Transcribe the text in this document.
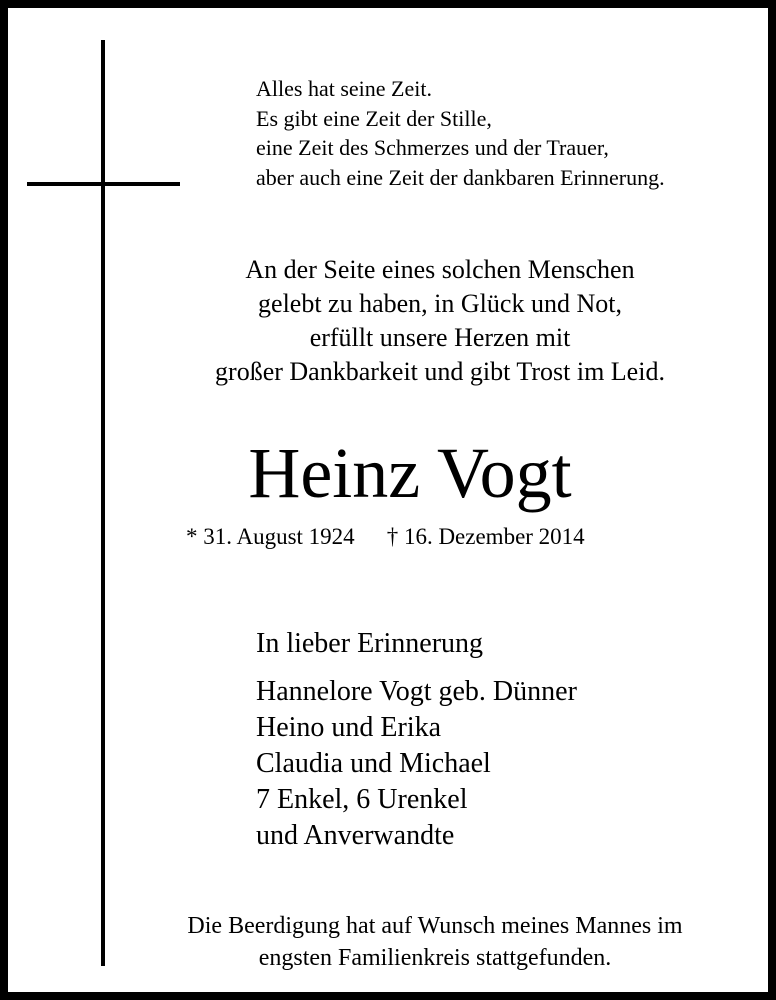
Alles hat seine Zeit.
Es gibt eine Zeit der Stille,
eine Zeit des Schmerzes und der Trauer,
aber auch eine Zeit der dankbaren Erinnerung.
An der Seite eines solchen Menschen
gelebt zu haben, in Glück und Not,
erfüllt unsere Herzen mit
großer Dankbarkeit und gibt Trost im Leid.
Heinz Vogt
* 31. August 1924 † 16. Dezember 2014
In lieber Erinnerung
Hannelore Vogt geb. Dünner
Heino und Erika
Claudia und Michael
7 Enkel, 6 Urenkel
und Anverwandte
Die Beerdigung hat auf Wunsch meines Mannes im
engsten Familienkreis stattgefunden.
